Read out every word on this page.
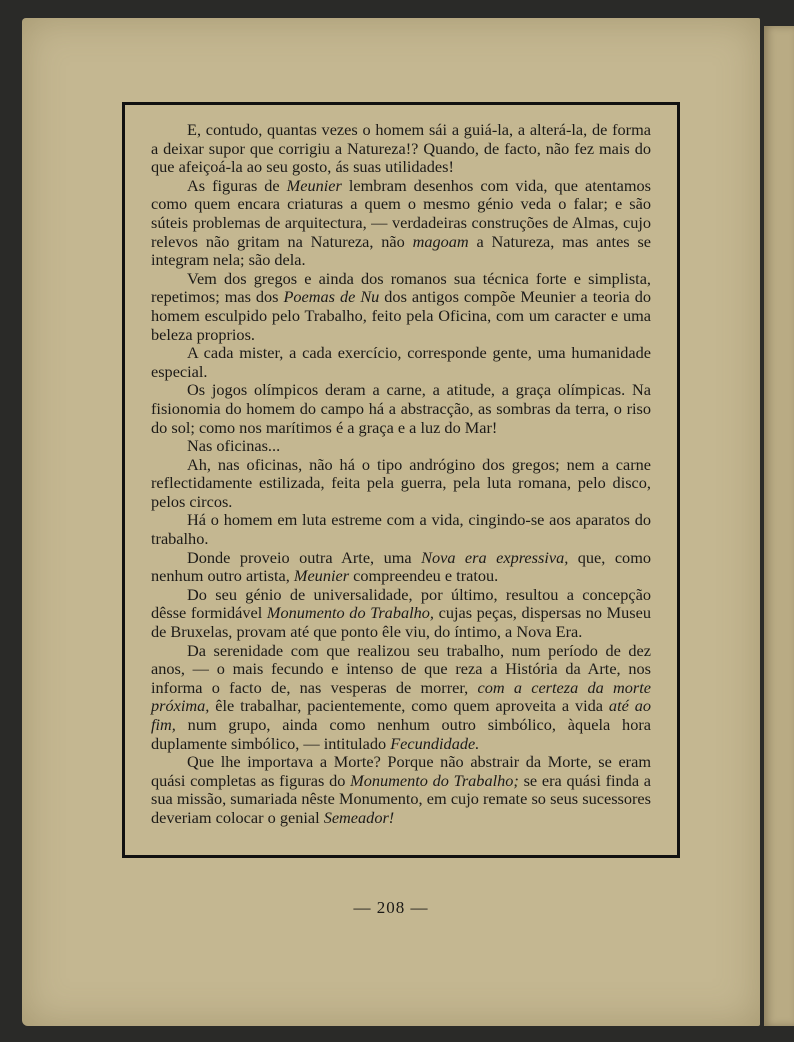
E, contudo, quantas vezes o homem sái a guiá-la, a alterá-la, de forma a deixar supor que corrigiu a Natureza!? Quando, de facto, não fez mais do que afeiçoá-la ao seu gosto, ás suas utilidades!

As figuras de Meunier lembram desenhos com vida, que atentamos como quem encara criaturas a quem o mesmo génio veda o falar; e são súteis problemas de arquitectura, — verdadeiras construções de Almas, cujo relevos não gritam na Natureza, não magoam a Natureza, mas antes se integram nela; são dela.

Vem dos gregos e ainda dos romanos sua técnica forte e simplista, repetimos; mas dos Poemas de Nu dos antigos compõe Meunier a teoria do homem esculpido pelo Trabalho, feito pela Oficina, com um caracter e uma beleza proprios.

A cada mister, a cada exercício, corresponde gente, uma humanidade especial.

Os jogos olímpicos deram a carne, a atitude, a graça olímpicas. Na fisionomia do homem do campo há a abstracção, as sombras da terra, o riso do sol; como nos marítimos é a graça e a luz do Mar!

Nas oficinas...

Ah, nas oficinas, não há o tipo andrógino dos gregos; nem a carne reflectidamente estilizada, feita pela guerra, pela luta romana, pelo disco, pelos circos.

Há o homem em luta estreme com a vida, cingindo-se aos aparatos do trabalho.

Donde proveio outra Arte, uma Nova era expressiva, que, como nenhum outro artista, Meunier compreendeu e tratou.

Do seu génio de universalidade, por último, resultou a concepção dêsse formidável Monumento do Trabalho, cujas peças, dispersas no Museu de Bruxelas, provam até que ponto êle viu, do íntimo, a Nova Era.

Da serenidade com que realizou seu trabalho, num período de dez anos, — o mais fecundo e intenso de que reza a História da Arte, nos informa o facto de, nas vesperas de morrer, com a certeza da morte próxima, êle trabalhar, pacientemente, como quem aproveita a vida até ao fim, num grupo, ainda como nenhum outro simbólico, àquela hora duplamente simbólico, — intitulado Fecundidade.

Que lhe importava a Morte? Porque não abstrair da Morte, se eram quási completas as figuras do Monumento do Trabalho; se era quási finda a sua missão, sumariada nêste Monumento, em cujo remate so seus sucessores deveriam colocar o genial Semeador!

— 208 —
